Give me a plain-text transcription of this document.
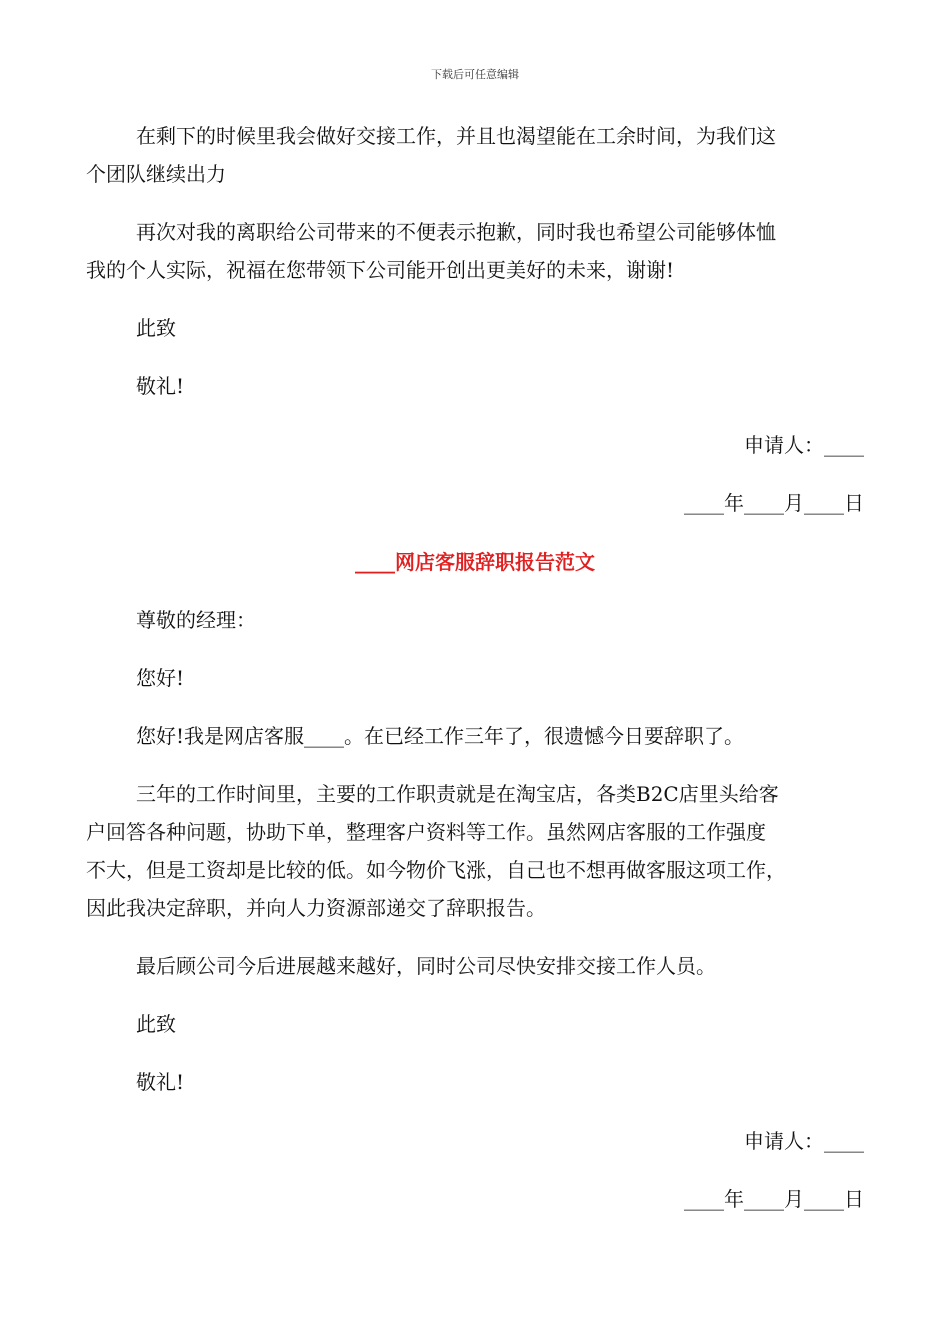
下载后可任意编辑
在剩下的时候里我会做好交接工作，并且也渴望能在工余时间，为我们这
个团队继续出力
再次对我的离职给公司带来的不便表示抱歉，同时我也希望公司能够体恤
我的个人实际，祝福在您带领下公司能开创出更美好的未来，谢谢!
此致
敬礼!
申请人：____
____年____月____日
____网店客服辞职报告范文
尊敬的经理：
您好!
您好!我是网店客服____。在已经工作三年了，很遗憾今日要辞职了。
三年的工作时间里，主要的工作职责就是在淘宝店，各类B2C店里头给客
户回答各种问题，协助下单，整理客户资料等工作。虽然网店客服的工作强度
不大，但是工资却是比较的低。如今物价飞涨，自己也不想再做客服这项工作，
因此我决定辞职，并向人力资源部递交了辞职报告。
最后顾公司今后进展越来越好，同时公司尽快安排交接工作人员。
此致
敬礼!
申请人：____
____年____月____日
